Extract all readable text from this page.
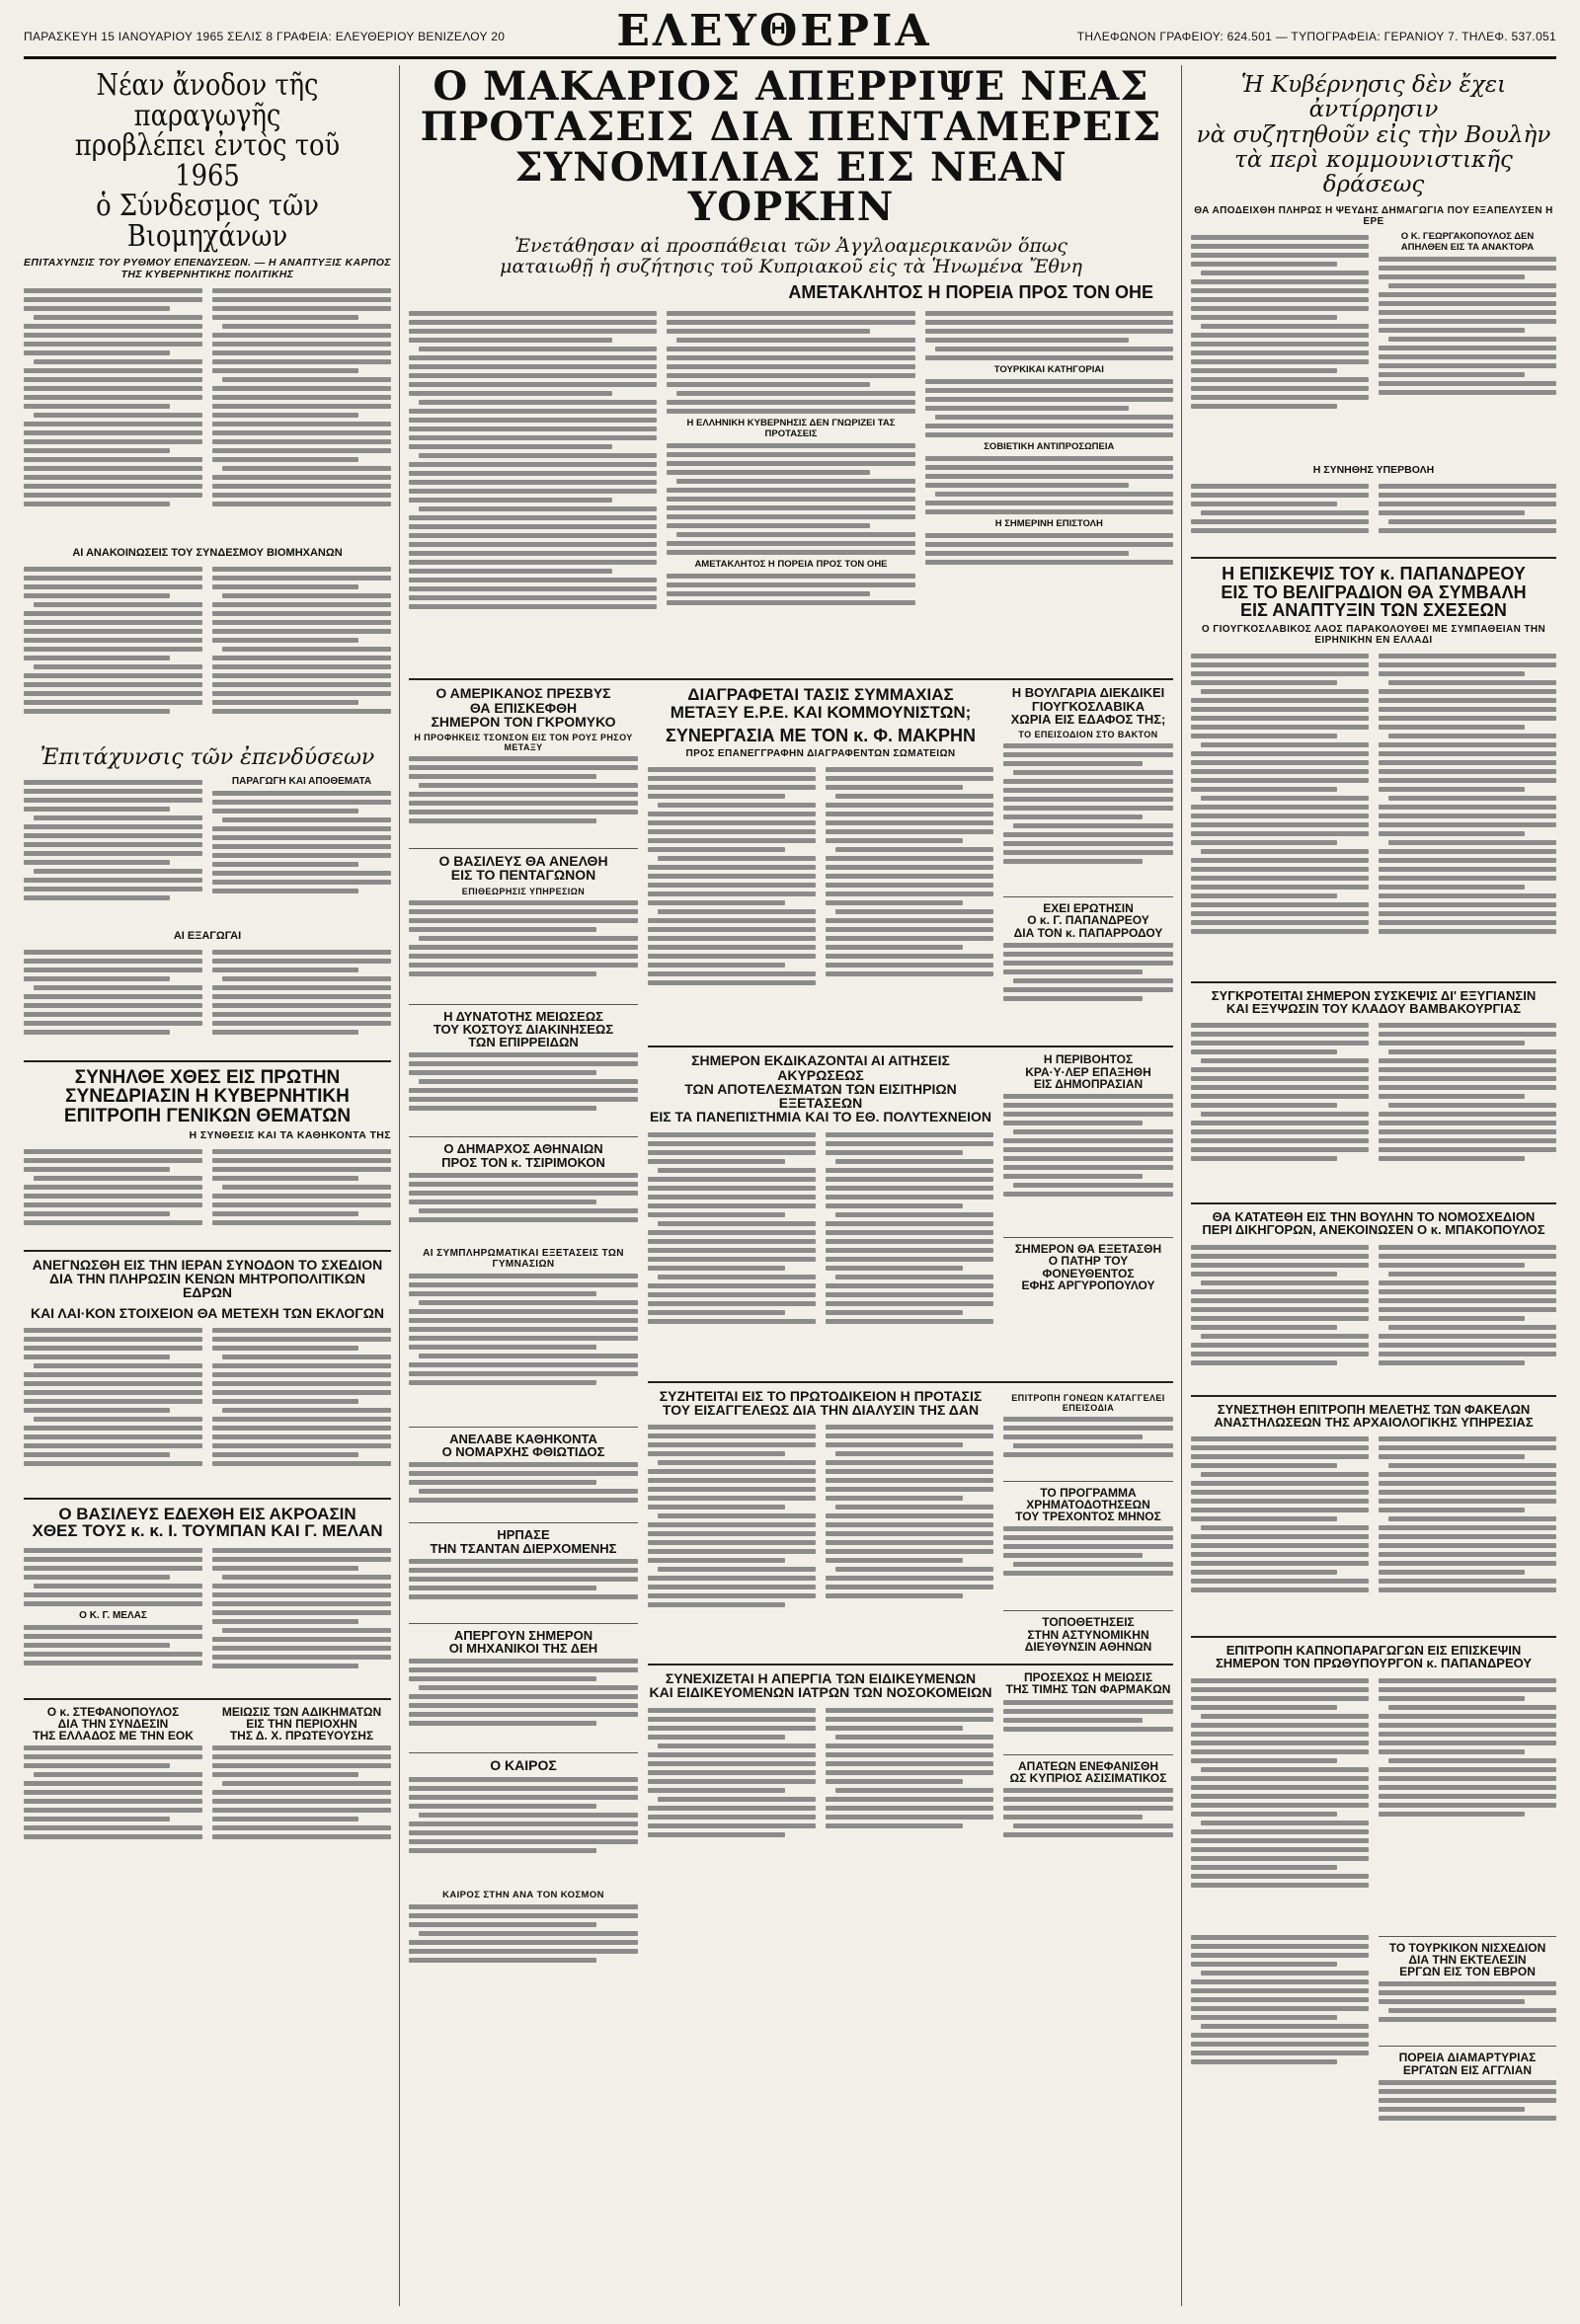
ΠΑΡΑΣΚΕΥΗ 15 ΙΑΝΟΥΑΡΙΟΥ 1965 ΣΕΛΙΣ 8 ΓΡΑΦΕΙΑ: ΕΛΕΥΘΕΡΙΟΥ ΒΕΝΙΖΕΛΟΥ 20	ΕΛΕΥΘΕΡΙΑ	ΤΗΛΕΦΩΝΟΝ ΓΡΑΦΕΙΟΥ: 624.501 — ΤΥΠΟΓΡΑΦΕΙΑ: ΓΕΡΑΝΙΟΥ 7. ΤΗΛΕΦ. 537.051
Νέαν ἄνοδον τῆς παραγωγῆς
προβλέπει ἐντὸς τοῦ 1965
ὁ Σύνδεσμος τῶν Βιομηχάνων
ΕΠΙΤΑΧΥΝΣΙΣ ΤΟΥ ΡΥΘΜΟΥ ΕΠΕΝΔΥΣΕΩΝ. — Η ΑΝΑΠΤΥΞΙΣ ΚΑΡΠΟΣ ΤΗΣ ΚΥΒΕΡΝΗΤΙΚΗΣ ΠΟΛΙΤΙΚΗΣ
ΑΙ ΑΝΑΚΟΙΝΩΣΕΙΣ ΤΟΥ ΣΥΝΔΕΣΜΟΥ ΒΙΟΜΗΧΑΝΩΝ
Ἐπιτάχυνσις τῶν ἐπενδύσεων
ΠΑΡΑΓΩΓΗ ΚΑΙ ΑΠΟΘΕΜΑΤΑ
ΑΙ ΕΞΑΓΩΓΑΙ
ΣΥΝΗΛΘΕ ΧΘΕΣ ΕΙΣ ΠΡΩΤΗΝ
ΣΥΝΕΔΡΙΑΣΙΝ Η ΚΥΒΕΡΝΗΤΙΚΗ
ΕΠΙΤΡΟΠΗ ΓΕΝΙΚΩΝ ΘΕΜΑΤΩΝ
Η ΣΥΝΘΕΣΙΣ ΚΑΙ ΤΑ ΚΑΘΗΚΟΝΤΑ ΤΗΣ
ΑΝΕΓΝΩΣΘΗ ΕΙΣ ΤΗΝ ΙΕΡΑΝ ΣΥΝΟΔΟΝ ΤΟ ΣΧΕΔΙΟΝ
ΔΙΑ ΤΗΝ ΠΛΗΡΩΣΙΝ ΚΕΝΩΝ ΜΗΤΡΟΠΟΛΙΤΙΚΩΝ ΕΔΡΩΝ
ΚΑΙ ΛΑΙ·ΚΟΝ ΣΤΟΙΧΕΙΟΝ ΘΑ ΜΕΤΕΧΗ ΤΩΝ ΕΚΛΟΓΩΝ
Ο ΒΑΣΙΛΕΥΣ ΕΔΕΧΘΗ ΕΙΣ ΑΚΡΟΑΣΙΝ
ΧΘΕΣ ΤΟΥΣ κ. κ. Ι. ΤΟΥΜΠΑΝ ΚΑΙ Γ. ΜΕΛΑΝ
Ο Κ. Γ. ΜΕΛΑΣ
Ο κ. ΣΤΕΦΑΝΟΠΟΥΛΟΣ
ΔΙΑ ΤΗΝ ΣΥΝΔΕΣΙΝ
ΤΗΣ ΕΛΛΑΔΟΣ ΜΕ ΤΗΝ ΕΟΚ
ΜΕΙΩΣΙΣ ΤΩΝ ΑΔΙΚΗΜΑΤΩΝ
ΕΙΣ ΤΗΝ ΠΕΡΙΟΧΗΝ
ΤΗΣ Δ. Χ. ΠΡΩΤΕΥΟΥΣΗΣ
Ο ΜΑΚΑΡΙΟΣ ΑΠΕΡΡΙΨΕ ΝΕΑΣ
ΠΡΟΤΑΣΕΙΣ ΔΙΑ ΠΕΝΤΑΜΕΡΕΙΣ
ΣΥΝΟΜΙΛΙΑΣ ΕΙΣ ΝΕΑΝ ΥΟΡΚΗΝ
Ἐνετάθησαν αἱ προσπάθειαι τῶν Ἀγγλοαμερικανῶν ὅπως
ματαιωθῇ ἡ συζήτησις τοῦ Κυπριακοῦ εἰς τὰ Ἡνωμένα Ἔθνη
ΑΜΕΤΑΚΛΗΤΟΣ Η ΠΟΡΕΙΑ ΠΡΟΣ ΤΟΝ ΟΗΕ
Η ΕΛΛΗΝΙΚΗ ΚΥΒΕΡΝΗΣΙΣ ΔΕΝ ΓΝΩΡΙΖΕΙ ΤΑΣ ΠΡΟΤΑΣΕΙΣ
ΑΜΕΤΑΚΛΗΤΟΣ Η ΠΟΡΕΙΑ ΠΡΟΣ ΤΟΝ ΟΗΕ
ΤΟΥΡΚΙΚΑΙ ΚΑΤΗΓΟΡΙΑΙ
ΣΟΒΙΕΤΙΚΗ ΑΝΤΙΠΡΟΣΩΠΕΙΑ
Η ΣΗΜΕΡΙΝΗ ΕΠΙΣΤΟΛΗ
Ο ΑΜΕΡΙΚΑΝΟΣ ΠΡΕΣΒΥΣ
ΘΑ ΕΠΙΣΚΕΦΘΗ
ΣΗΜΕΡΟΝ ΤΟΝ ΓΚΡΟΜΥΚΟ
Η ΠΡΟΦΗΚΕΙΣ ΤΣΟΝΣΟΝ ΕΙΣ ΤΟΝ ΡΟΥΣ ΡΗΣΟΥ ΜΕΤΑΞΥ
Ο ΒΑΣΙΛΕΥΣ ΘΑ ΑΝΕΛΘΗ
ΕΙΣ ΤΟ ΠΕΝΤΑΓΩΝΟΝ
ΕΠΙΘΕΩΡΗΣΙΣ ΥΠΗΡΕΣΙΩΝ
Η ΔΥΝΑΤΟΤΗΣ ΜΕΙΩΣΕΩΣ
ΤΟΥ ΚΟΣΤΟΥΣ ΔΙΑΚΙΝΗΣΕΩΣ
ΤΩΝ ΕΠΙΡΡΕΙΔΩΝ
Ο ΔΗΜΑΡΧΟΣ ΑΘΗΝΑΙΩΝ
ΠΡΟΣ ΤΟΝ κ. ΤΣΙΡΙΜΟΚΟΝ
ΑΙ ΣΥΜΠΛΗΡΩΜΑΤΙΚΑΙ ΕΞΕΤΑΣΕΙΣ ΤΩΝ ΓΥΜΝΑΣΙΩΝ
ΑΝΕΛΑΒΕ ΚΑΘΗΚΟΝΤΑ
Ο ΝΟΜΑΡΧΗΣ ΦΘΙΩΤΙΔΟΣ
ΗΡΠΑΣΕ
ΤΗΝ ΤΣΑΝΤΑΝ ΔΙΕΡΧΟΜΕΝΗΣ
ΑΠΕΡΓΟΥΝ ΣΗΜΕΡΟΝ
ΟΙ ΜΗΧΑΝΙΚΟΙ ΤΗΣ ΔΕΗ
Ο ΚΑΙΡΟΣ
ΚΑΙΡΟΣ ΣΤΗΝ ΑΝΑ ΤΟΝ ΚΟΣΜΟΝ
ΔΙΑΓΡΑΦΕΤΑΙ ΤΑΣΙΣ ΣΥΜΜΑΧΙΑΣ
ΜΕΤΑΞΥ Ε.Ρ.Ε. ΚΑΙ ΚΟΜΜΟΥΝΙΣΤΩΝ;
ΣΥΝΕΡΓΑΣΙΑ ΜΕ ΤΟΝ κ. Φ. ΜΑΚΡΗΝ
ΠΡΟΣ ΕΠΑΝΕΓΓΡΑΦΗΝ ΔΙΑΓΡΑΦΕΝΤΩΝ ΣΩΜΑΤΕΙΩΝ
Η ΒΟΥΛΓΑΡΙΑ ΔΙΕΚΔΙΚΕΙ
ΓΙΟΥΓΚΟΣΛΑΒΙΚΑ
ΧΩΡΙΑ ΕΙΣ ΕΔΑΦΟΣ ΤΗΣ;
ΤΟ ΕΠΕΙΣΟΔΙΟΝ ΣΤΟ ΒΑΚΤΟΝ
ΕΧΕΙ ΕΡΩΤΗΣΙΝ
Ο κ. Γ. ΠΑΠΑΝΔΡΕΟΥ
ΔΙΑ ΤΟΝ κ. ΠΑΠΑΡΡΟΔΟΥ
ΣΗΜΕΡΟΝ ΕΚΔΙΚΑΖΟΝΤΑΙ ΑΙ ΑΙΤΗΣΕΙΣ ΑΚΥΡΩΣΕΩΣ
ΤΩΝ ΑΠΟΤΕΛΕΣΜΑΤΩΝ ΤΩΝ ΕΙΣΙΤΗΡΙΩΝ ΕΞΕΤΑΣΕΩΝ
ΕΙΣ ΤΑ ΠΑΝΕΠΙΣΤΗΜΙΑ ΚΑΙ ΤΟ ΕΘ. ΠΟΛΥΤΕΧΝΕΙΟΝ
Η ΠΕΡΙΒΟΗΤΟΣ
ΚΡΑ·Υ·ΛΕΡ ΕΠΑΞΗΘΗ
ΕΙΣ ΔΗΜΟΠΡΑΣΙΑΝ
ΣΗΜΕΡΟΝ ΘΑ ΕΞΕΤΑΣΘΗ
Ο ΠΑΤΗΡ ΤΟΥ ΦΟΝΕΥΘΕΝΤΟΣ
ΕΦΗΣ ΑΡΓΥΡΟΠΟΥΛΟΥ
ΣΥΖΗΤΕΙΤΑΙ ΕΙΣ ΤΟ ΠΡΩΤΟΔΙΚΕΙΟΝ Η ΠΡΟΤΑΣΙΣ
ΤΟΥ ΕΙΣΑΓΓΕΛΕΩΣ ΔΙΑ ΤΗΝ ΔΙΑΛΥΣΙΝ ΤΗΣ ΔΑΝ
ΕΠΙΤΡΟΠΗ ΓΟΝΕΩΝ ΚΑΤΑΓΓΕΛΕΙ ΕΠΕΙΣΟΔΙΑ
ΤΟ ΠΡΟΓΡΑΜΜΑ
ΧΡΗΜΑΤΟΔΟΤΗΣΕΩΝ
ΤΟΥ ΤΡΕΧΟΝΤΟΣ ΜΗΝΟΣ
ΤΟΠΟΘΕΤΗΣΕΙΣ
ΣΤΗΝ ΑΣΤΥΝΟΜΙΚΗΝ
ΔΙΕΥΘΥΝΣΙΝ ΑΘΗΝΩΝ
ΣΥΝΕΧΙΖΕΤΑΙ Η ΑΠΕΡΓΙΑ ΤΩΝ ΕΙΔΙΚΕΥΜΕΝΩΝ
ΚΑΙ ΕΙΔΙΚΕΥΟΜΕΝΩΝ ΙΑΤΡΩΝ ΤΩΝ ΝΟΣΟΚΟΜΕΙΩΝ
ΠΡΟΣΕΧΩΣ Η ΜΕΙΩΣΙΣ
ΤΗΣ ΤΙΜΗΣ ΤΩΝ ΦΑΡΜΑΚΩΝ
ΑΠΑΤΕΩΝ ΕΝΕΦΑΝΙΣΘΗ
ΩΣ ΚΥΠΡΙΟΣ ΑΣΙΣΙΜΑΤΙΚΟΣ
Ἡ Κυβέρνησις δὲν ἔχει ἀντίρρησιν
νὰ συζητηθοῦν εἰς τὴν Βουλὴν
τὰ περὶ κομμουνιστικῆς δράσεως
ΘΑ ΑΠΟΔΕΙΧΘΗ ΠΛΗΡΩΣ Η ΨΕΥΔΗΣ ΔΗΜΑΓΩΓΙΑ ΠΟΥ ΕΞΑΠΕΛΥΣΕΝ Η ΕΡΕ
Ο Κ. ΓΕΩΡΓΑΚΟΠΟΥΛΟΣ ΔΕΝ ΑΠΗΛΘΕΝ ΕΙΣ ΤΑ ΑΝΑΚΤΟΡΑ
Η ΣΥΝΗΘΗΣ ΥΠΕΡΒΟΛΗ
Η ΕΠΙΣΚΕΨΙΣ ΤΟΥ κ. ΠΑΠΑΝΔΡΕΟΥ
ΕΙΣ ΤΟ ΒΕΛΙΓΡΑΔΙΟΝ ΘΑ ΣΥΜΒΑΛΗ
ΕΙΣ ΑΝΑΠΤΥΞΙΝ ΤΩΝ ΣΧΕΣΕΩΝ
Ο ΓΙΟΥΓΚΟΣΛΑΒΙΚΟΣ ΛΑΟΣ ΠΑΡΑΚΟΛΟΥΘΕΙ ΜΕ ΣΥΜΠΑΘΕΙΑΝ ΤΗΝ ΕΙΡΗΝΙΚΗΝ ΕΝ ΕΛΛΑΔΙ
ΣΥΓΚΡΟΤΕΙΤΑΙ ΣΗΜΕΡΟΝ ΣΥΣΚΕΨΙΣ ΔΙ' ΕΞΥΓΙΑΝΣΙΝ
ΚΑΙ ΕΞΥΨΩΣΙΝ ΤΟΥ ΚΛΑΔΟΥ ΒΑΜΒΑΚΟΥΡΓΙΑΣ
ΘΑ ΚΑΤΑΤΕΘΗ ΕΙΣ ΤΗΝ ΒΟΥΛΗΝ ΤΟ ΝΟΜΟΣΧΕΔΙΟΝ
ΠΕΡΙ ΔΙΚΗΓΟΡΩΝ, ΑΝΕΚΟΙΝΩΣΕΝ Ο κ. ΜΠΑΚΟΠΟΥΛΟΣ
ΣΥΝΕΣΤΗΘΗ ΕΠΙΤΡΟΠΗ ΜΕΛΕΤΗΣ ΤΩΝ ΦΑΚΕΛΩΝ
ΑΝΑΣΤΗΛΩΣΕΩΝ ΤΗΣ ΑΡΧΑΙΟΛΟΓΙΚΗΣ ΥΠΗΡΕΣΙΑΣ
ΕΠΙΤΡΟΠΗ ΚΑΠΝΟΠΑΡΑΓΩΓΩΝ ΕΙΣ ΕΠΙΣΚΕΨΙΝ
ΣΗΜΕΡΟΝ ΤΟΝ ΠΡΩΘΥΠΟΥΡΓΟΝ κ. ΠΑΠΑΝΔΡΕΟΥ
ΤΟ ΤΟΥΡΚΙΚΟΝ ΝΙΣΧΕΔΙΟΝ
ΔΙΑ ΤΗΝ ΕΚΤΕΛΕΣΙΝ
ΕΡΓΩΝ ΕΙΣ ΤΟΝ ΕΒΡΟΝ
ΠΟΡΕΙΑ ΔΙΑΜΑΡΤΥΡΙΑΣ
ΕΡΓΑΤΩΝ ΕΙΣ ΑΓΓΛΙΑΝ
